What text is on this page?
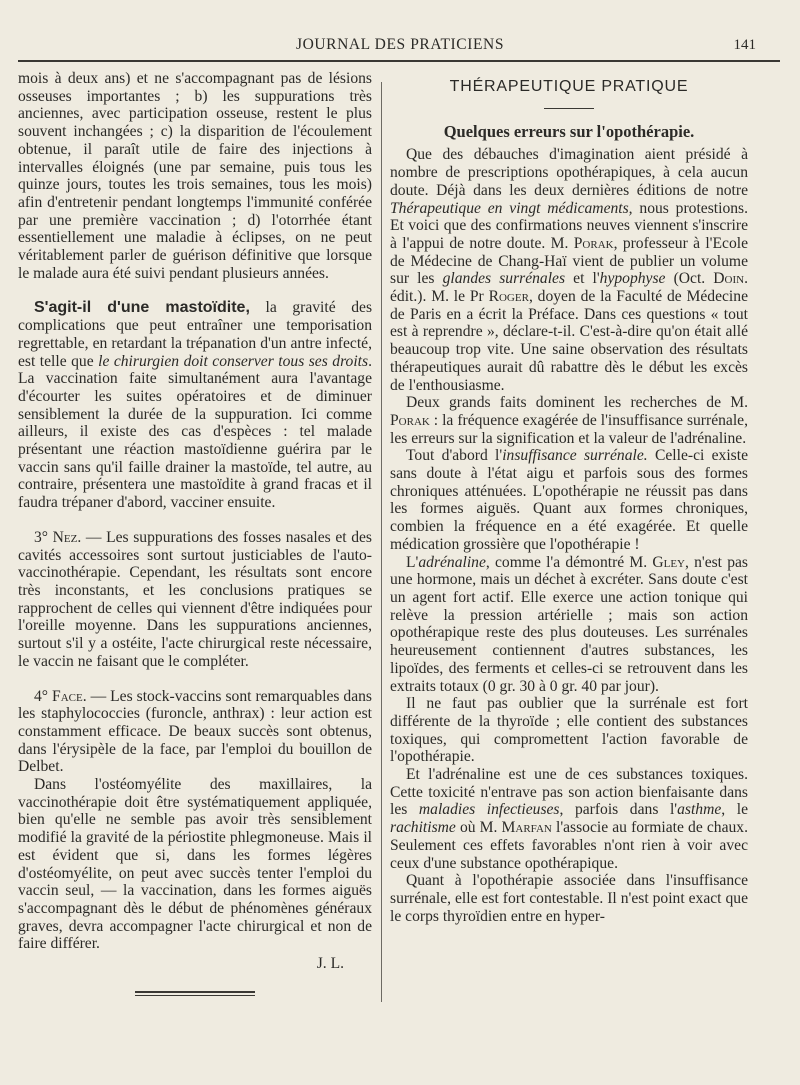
JOURNAL DES PRATICIENS	141

mois à deux ans) et ne s'accompagnant pas de lésions osseuses importantes ; b) les suppurations très anciennes, avec participation osseuse, restent le plus souvent inchangées ; c) la disparition de l'écoulement obtenue, il paraît utile de faire des injections à intervalles éloignés (une par semaine, puis tous les quinze jours, toutes les trois semaines, tous les mois) afin d'entretenir pendant longtemps l'immunité conférée par une première vaccination ; d) l'otorrhée étant essentiellement une maladie à éclipses, on ne peut véritablement parler de guérison définitive que lorsque le malade aura été suivi pendant plusieurs années.

S'agit-il d'une mastoïdite, la gravité des complications que peut entraîner une temporisation regrettable, en retardant la trépanation d'un antre infecté, est telle que le chirurgien doit conserver tous ses droits. La vaccination faite simultanément aura l'avantage d'écourter les suites opératoires et de diminuer sensiblement la durée de la suppuration. Ici comme ailleurs, il existe des cas d'espèces : tel malade présentant une réaction mastoïdienne guérira par le vaccin sans qu'il faille drainer la mastoïde, tel autre, au contraire, présentera une mastoïdite à grand fracas et il faudra trépaner d'abord, vacciner ensuite.

3° Nez. — Les suppurations des fosses nasales et des cavités accessoires sont surtout justiciables de l'auto-vaccinothérapie. Cependant, les résultats sont encore très inconstants, et les conclusions pratiques se rapprochent de celles qui viennent d'être indiquées pour l'oreille moyenne. Dans les suppurations anciennes, surtout s'il y a ostéite, l'acte chirurgical reste nécessaire, le vaccin ne faisant que le compléter.

4° Face. — Les stock-vaccins sont remarquables dans les staphylococcies (furoncle, anthrax) : leur action est constamment efficace. De beaux succès sont obtenus, dans l'érysipèle de la face, par l'emploi du bouillon de Delbet.

Dans l'ostéomyélite des maxillaires, la vaccinothérapie doit être systématiquement appliquée, bien qu'elle ne semble pas avoir très sensiblement modifié la gravité de la périostite phlegmoneuse. Mais il est évident que si, dans les formes légères d'ostéomyélite, on peut avec succès tenter l'emploi du vaccin seul, — la vaccination, dans les formes aiguës s'accompagnant dès le début de phénomènes généraux graves, devra accompagner l'acte chirurgical et non de faire différer.

J. L.

THÉRAPEUTIQUE PRATIQUE

Quelques erreurs sur l'opothérapie.

Que des débauches d'imagination aient présidé à nombre de prescriptions opothérapiques, à cela aucun doute. Déjà dans les deux dernières éditions de notre Thérapeutique en vingt médicaments, nous protestions. Et voici que des confirmations neuves viennent s'inscrire à l'appui de notre doute. M. Porak, professeur à l'Ecole de Médecine de Chang-Haï vient de publier un volume sur les glandes surrénales et l'hypophyse (Oct. Doin. édit.). M. le Pr Roger, doyen de la Faculté de Médecine de Paris en a écrit la Préface. Dans ces questions « tout est à reprendre », déclare-t-il. C'est-à-dire qu'on était allé beaucoup trop vite. Une saine observation des résultats thérapeutiques aurait dû rabattre dès le début les excès de l'enthousiasme.

Deux grands faits dominent les recherches de M. Porak : la fréquence exagérée de l'insuffisance surrénale, les erreurs sur la signification et la valeur de l'adrénaline.

Tout d'abord l'insuffisance surrénale. Celle-ci existe sans doute à l'état aigu et parfois sous des formes chroniques atténuées. L'opothérapie ne réussit pas dans les formes aiguës. Quant aux formes chroniques, combien la fréquence en a été exagérée. Et quelle médication grossière que l'opothérapie !

L'adrénaline, comme l'a démontré M. Gley, n'est pas une hormone, mais un déchet à excréter. Sans doute c'est un agent fort actif. Elle exerce une action tonique qui relève la pression artérielle ; mais son action opothérapique reste des plus douteuses. Les surrénales heureusement contiennent d'autres substances, les lipoïdes, des ferments et celles-ci se retrouvent dans les extraits totaux (0 gr. 30 à 0 gr. 40 par jour).

Il ne faut pas oublier que la surrénale est fort différente de la thyroïde ; elle contient des substances toxiques, qui compromettent l'action favorable de l'opothérapie.

Et l'adrénaline est une de ces substances toxiques. Cette toxicité n'entrave pas son action bienfaisante dans les maladies infectieuses, parfois dans l'asthme, le rachitisme où M. Marfan l'associe au formiate de chaux. Seulement ces effets favorables n'ont rien à voir avec ceux d'une substance opothérapique.

Quant à l'opothérapie associée dans l'insuffisance surrénale, elle est fort contestable. Il n'est point exact que le corps thyroïdien entre en hyper-
